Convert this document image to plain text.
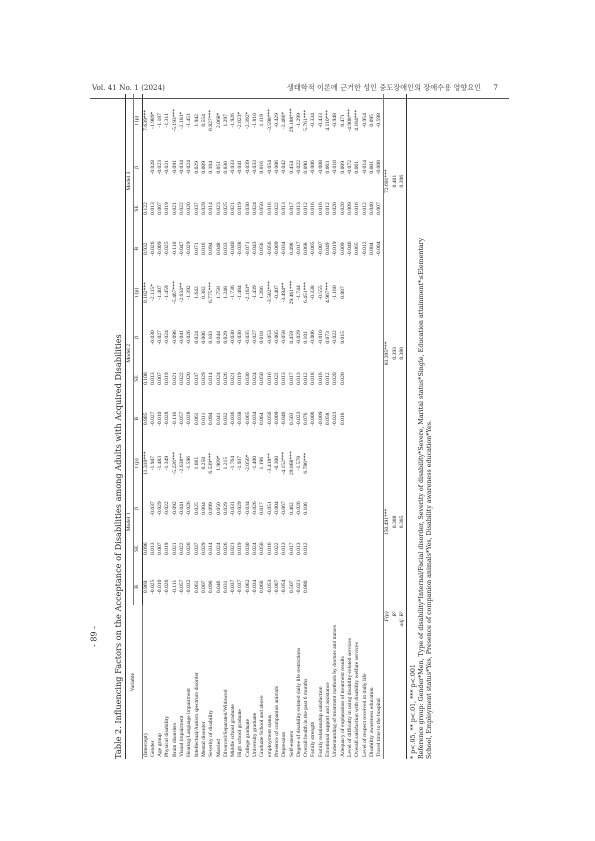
Vol. 41 No. 1 (2024)	생태학적 이론에 근거한 성인 중도장애인의 장애수용 영향요인 7
- 89 - Table 2. Influencing Factors on the Acceptance of Disabilities among Adults with Acquired Disabilities	Variable	Model 1				Model 2				Model 3			
	B	SE	β	t (p)	B	SE	β	t (p)	B	SE	β	t (p)
(Intercept)	0.969	0.096		11.310***	0.885	0.108		8.182***	0.932	0.122		7.639***
Gender	-0.025	0.013	-0.037	-1.947	-0.027	0.013	-0.030	-2.115*	-0.026	0.013	-0.028	-1.989*
Age group	-0.010	0.007	-0.029	-1.483	-0.010	0.007	-0.027	-1.407	-0.009	0.007	-0.023	-1.187
Physical disability	-0.026	0.019	-0.022	-1.349	-0.028	0.019	-0.024	-1.459	-0.025	0.019	-0.021	-1.311
Brain disorders	-0.111	0.021	-0.092	-5.226***	-0.116	0.021	-0.096	-5.467***	-0.110	0.021	-0.091	-5.193***
Visual impairment	-0.057	0.022	-0.041	-2.638**	-0.057	0.022	-0.041	-2.634**	-0.047	0.022	-0.034	-2.181*
Hearing/Language impairment	-0.032	0.020	-0.026	-1.596	-0.028	0.020	-0.026	-1.392	-0.029	0.020	-0.024	-1.451
Intellectual/Autism spectrum disorder	0.061	0.037	0.025	1.661	0.061	0.037	0.024	1.642	0.071	0.037	0.029	1.942
Mental disorder	0.007	0.029	0.004	0.250	0.011	0.029	0.006	0.382	0.016	0.029	0.009	0.554
Severity of disability	0.090	0.014	0.099	6.539***	0.094	0.014	0.103	6.775***	0.094	0.014	0.104	6.827***
Married	0.046	0.024	0.050	1.969*	0.041	0.024	0.044	1.758	0.048	0.023	0.051	2.068*
Divorced/Separated/Widowed	0.031	0.026	0.029	1.215	0.032	0.026	0.029	1.248	0.033	0.025	0.030	1.297
Middle school graduate	-0.037	0.021	-0.031	-1.764	-0.036	0.021	-0.030	-1.736	-0.040	0.021	-0.033	-1.926
High school graduate	-0.037	0.019	-0.029	-1.937	-0.038	0.019	-0.030	-1.484	-0.038	0.019	-0.041	-2.023*
College graduate	-0.062	0.030	-0.034	-2.056*	-0.065	0.030	-0.035	-2.163*	-0.071	0.030	-0.039	-2.392*
University graduate	-0.034	0.024	-0.026	-1.400	-0.034	0.024	-0.027	-1.439	-0.043	0.024	-0.033	-1.810
Graduate School and above	0.060	0.050	0.017	1.196	0.064	0.050	0.018	1.266	0.056	0.050	0.016	1.119
employment status	-0.053	0.016	-0.051	-3.418**	-0.056	0.016	-0.053	-3.582***	-0.056	0.016	-0.054	-3.598***
Presence of companion animals	-0.007	0.022	-0.004	-0.300	-0.009	0.022	-0.005	-0.407	-0.009	0.022	-0.006	-0.429
Depression	-0.054	0.013	-0.067	-4.152***	-0.046	0.013	-0.058	-3.494**	-0.034	0.013	-0.042	-2.486*
Self-esteem	0.507	0.017	0.462	29.868***	0.503	0.017	0.459	29.461***	0.498	0.017	0.454	29.188***
Degree of disability-related daily life restrictions	-0.021	0.013	-0.026	-1.578	-0.023	0.013	-0.029	-1.744	-0.017	0.013	-0.022	-1.299
Overall health in the past 6 months	0.080	0.012	0.106	6.786***	0.076	0.012	0.101	6.451***	0.068	0.012	0.090	5.761***
Family strength					-0.006	0.018	-0.006	-0.338	-0.005	0.016	-0.006	-0.334
Family relationship satisfaction					-0.009	0.016	-0.010	-0.555	-0.007	0.016	-0.008	-0.433
Emotional support and assistance					0.058	0.012	0.073	4.967***	0.049	0.012	0.063	4.110***
Understanding of treatment methods by doctors and nurses					-0.023	0.020	-0.022	-1.160	-0.019	0.020	-0.018	-0.948
Adequacy of explanation of treatment results					0.016	0.020	0.015	0.807	0.009	0.020	0.009	0.471
Level of difficulty in using disability-related services									-0.046	0.009	-0.072	-4.908***
Overall satisfaction with disability welfare services									0.065	0.016	0.061	4.184***
Level of respect received in daily life									-0.012	0.012	-0.014	-0.954
Disability awareness education									0.004	0.040	0.001	0.095
Travel time to the hospital									-0.004	0.007	-0.008	-0.598
F(p)	150.491***				83.395***				72.691***			
R²	0.388				0.393				0.401			
adj. R²	0.385				0.388				0.396			
* p<.05, ** p<.01, *** p<.001 Reference group: Gender*Men, Type of disability*Internal/Facial disorder, Severity of disability*Severe, Marital status*Single, Education attainment*≤Elementary School, Employment status*Yes, Presence of companion animals*Yes, Disability awareness education*Yes.
